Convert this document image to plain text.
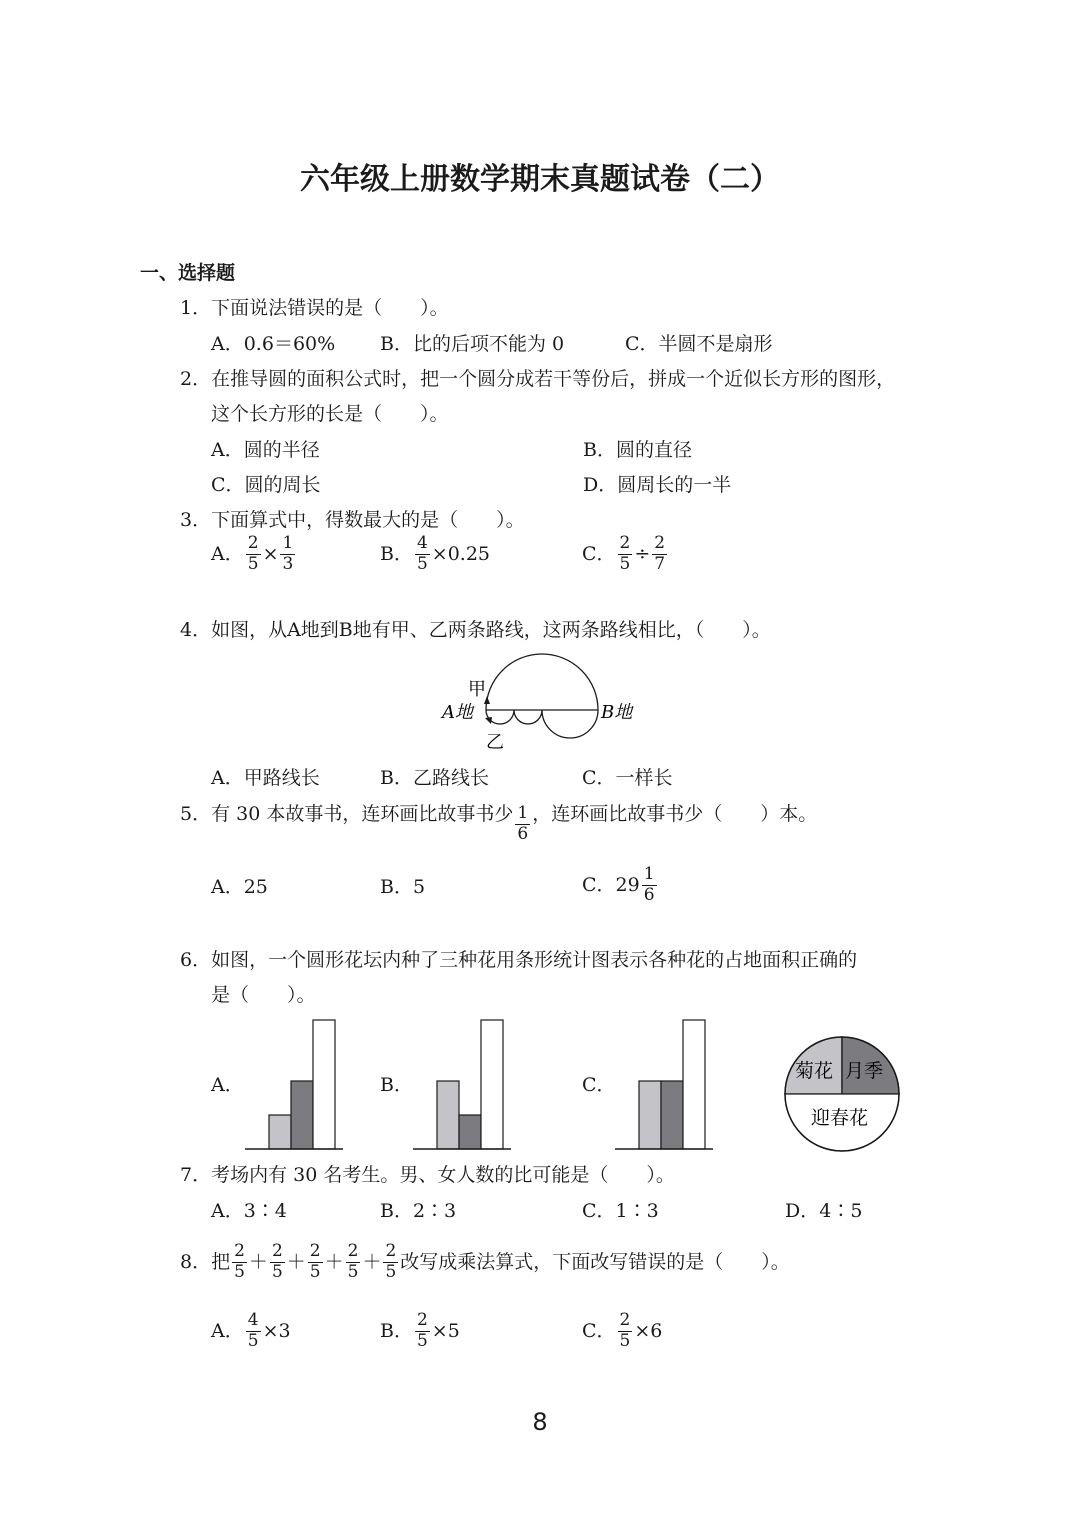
六年级上册数学期末真题试卷（二）
一、选择题
1．下面说法错误的是（　　）。
A．0.6＝60% B．比的后项不能为 0	C．半圆不是扇形
2．在推导圆的面积公式时，把一个圆分成若干等份后，拼成一个近似长方形的图形，
这个长方形的长是（　　）。
A．圆的半径	B．圆的直径
C．圆的周长	D．圆周长的一半
3．下面算式中，得数最大的是（　　）。
A． $\frac{2}{5} \times \frac{1}{3}$	B． $\frac{4}{5} \times 0.25$	C． $\frac{2}{5} \div \frac{2}{7}$
4．如图，从A地到B地有甲、乙两条路线，这两条路线相比，（　　）。
甲
A地	B地
乙
A．甲路线长	B．乙路线长	C．一样长
5．有 30 本故事书，连环画比故事书少 $\frac{1}{6}$ ，连环画比故事书少（　　）本。
A．25	B．5	C．$29 \frac{1}{6}$
6．如图，一个圆形花坛内种了三种花用条形统计图表示各种花的占地面积正确的
是（　　）。
A．	B．	C．
菊花 月季
迎春花
7．考场内有 30 名考生。男、女人数的比可能是（　　）。
A．3∶4	B．2∶3	C．1∶3	D．4∶5
8．把 $\frac{2}{5} + \frac{2}{5} + \frac{2}{5} + \frac{2}{5} + \frac{2}{5}$ 改写成乘法算式，下面改写错误的是（　　）。
A． $\frac{4}{5} \times 3$	B． $\frac{2}{5} \times 5$	C． $\frac{2}{5} \times 6$
8
